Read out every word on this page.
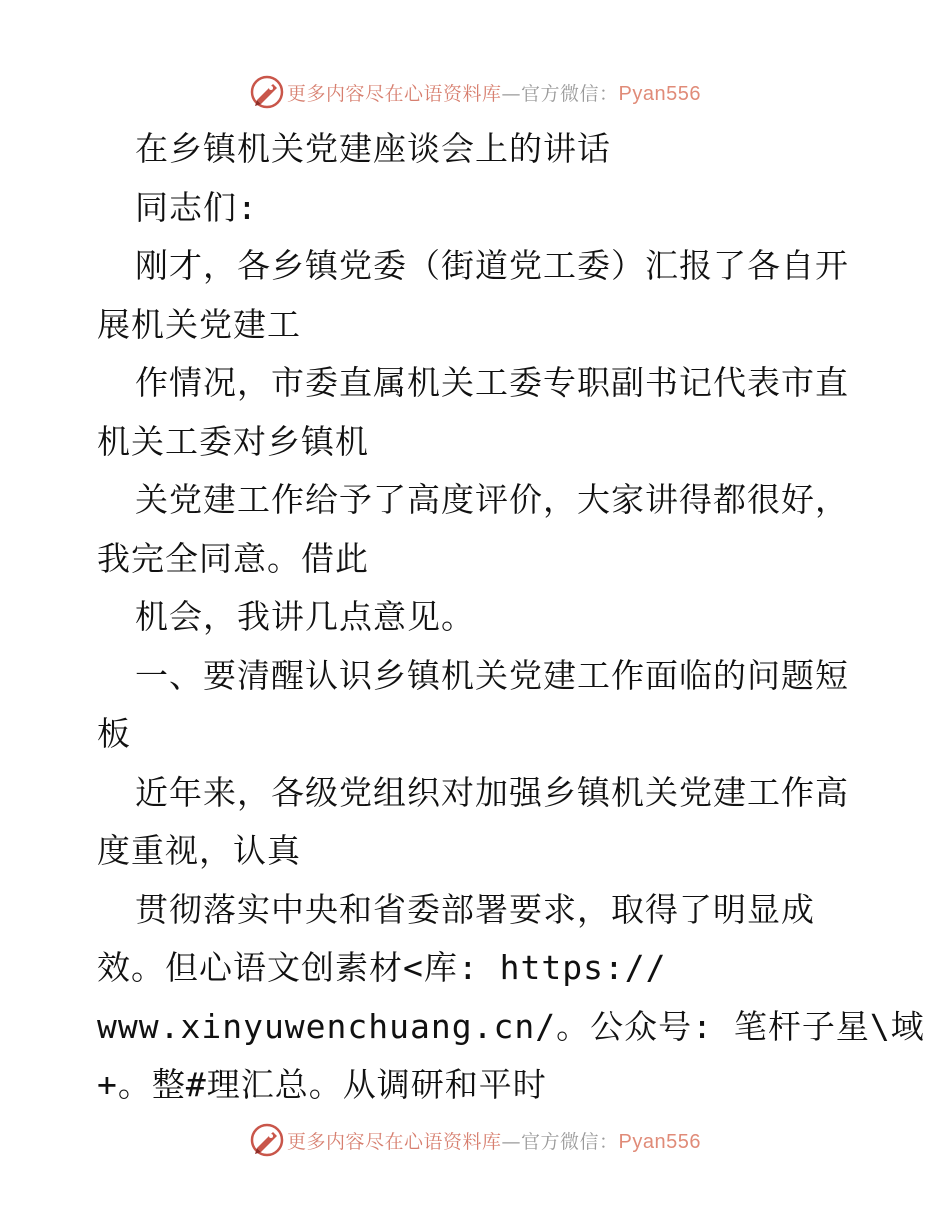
更多内容尽在心语资料库—官方微信：Pyan556
在乡镇机关党建座谈会上的讲话
同志们:
刚才，各乡镇党委（街道党工委）汇报了各自开
展机关党建工
作情况，市委直属机关工委专职副书记代表市直
机关工委对乡镇机
关党建工作给予了高度评价，大家讲得都很好，
我完全同意。借此
机会，我讲几点意见。
一、要清醒认识乡镇机关党建工作面临的问题短
板
近年来，各级党组织对加强乡镇机关党建工作高
度重视，认真
贯彻落实中央和省委部署要求，取得了明显成
效。但心语文创素材<库: https://
www.xinyuwenchuang.cn/。公众号: 笔杆子星\域
+。整#理汇总。从调研和平时
更多内容尽在心语资料库—官方微信：Pyan556
